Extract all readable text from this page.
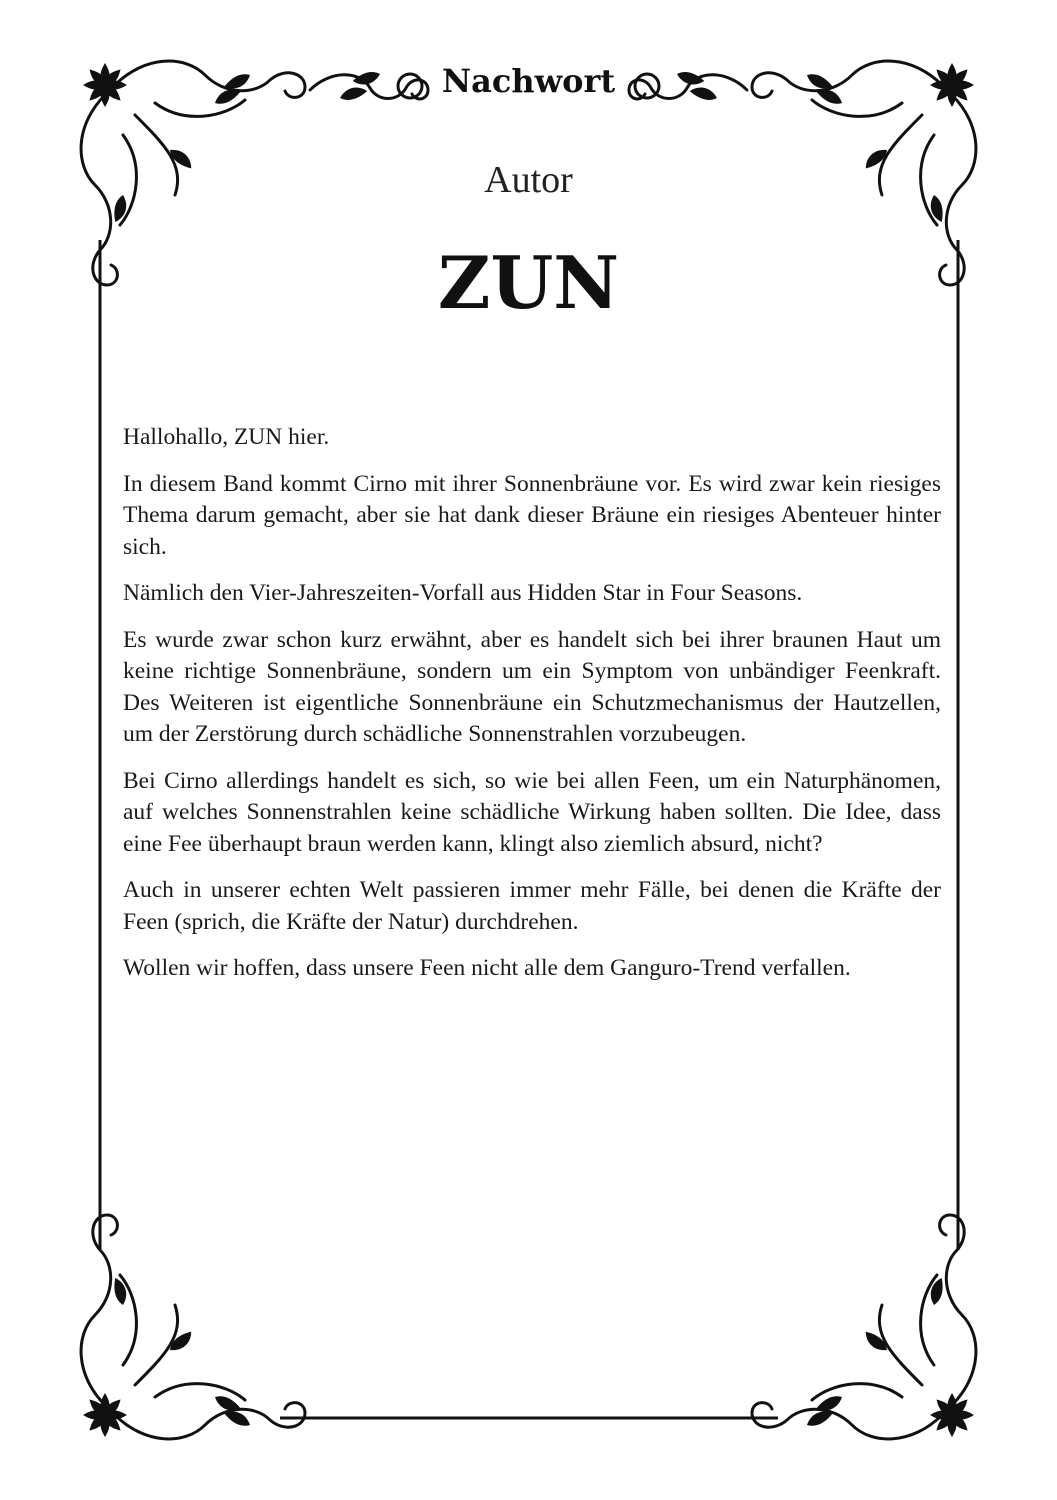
Nachwort
Autor
ZUN

Hallohallo, ZUN hier.

In diesem Band kommt Cirno mit ihrer Sonnenbräune vor. Es wird zwar kein riesiges Thema darum gemacht, aber sie hat dank dieser Bräune ein riesiges Abenteuer hinter sich.

Nämlich den Vier-Jahreszeiten-Vorfall aus Hidden Star in Four Seasons.

Es wurde zwar schon kurz erwähnt, aber es handelt sich bei ihrer braunen Haut um keine richtige Sonnenbräune, sondern um ein Symptom von unbändiger Feenkraft. Des Weiteren ist eigentliche Sonnenbräune ein Schutzmechanismus der Hautzellen, um der Zerstörung durch schädliche Sonnenstrahlen vorzubeugen.

Bei Cirno allerdings handelt es sich, so wie bei allen Feen, um ein Naturphänomen, auf welches Sonnenstrahlen keine schädliche Wirkung haben sollten. Die Idee, dass eine Fee überhaupt braun werden kann, klingt also ziemlich absurd, nicht?

Auch in unserer echten Welt passieren immer mehr Fälle, bei denen die Kräfte der Feen (sprich, die Kräfte der Natur) durchdrehen.

Wollen wir hoffen, dass unsere Feen nicht alle dem Ganguro-Trend verfallen.
